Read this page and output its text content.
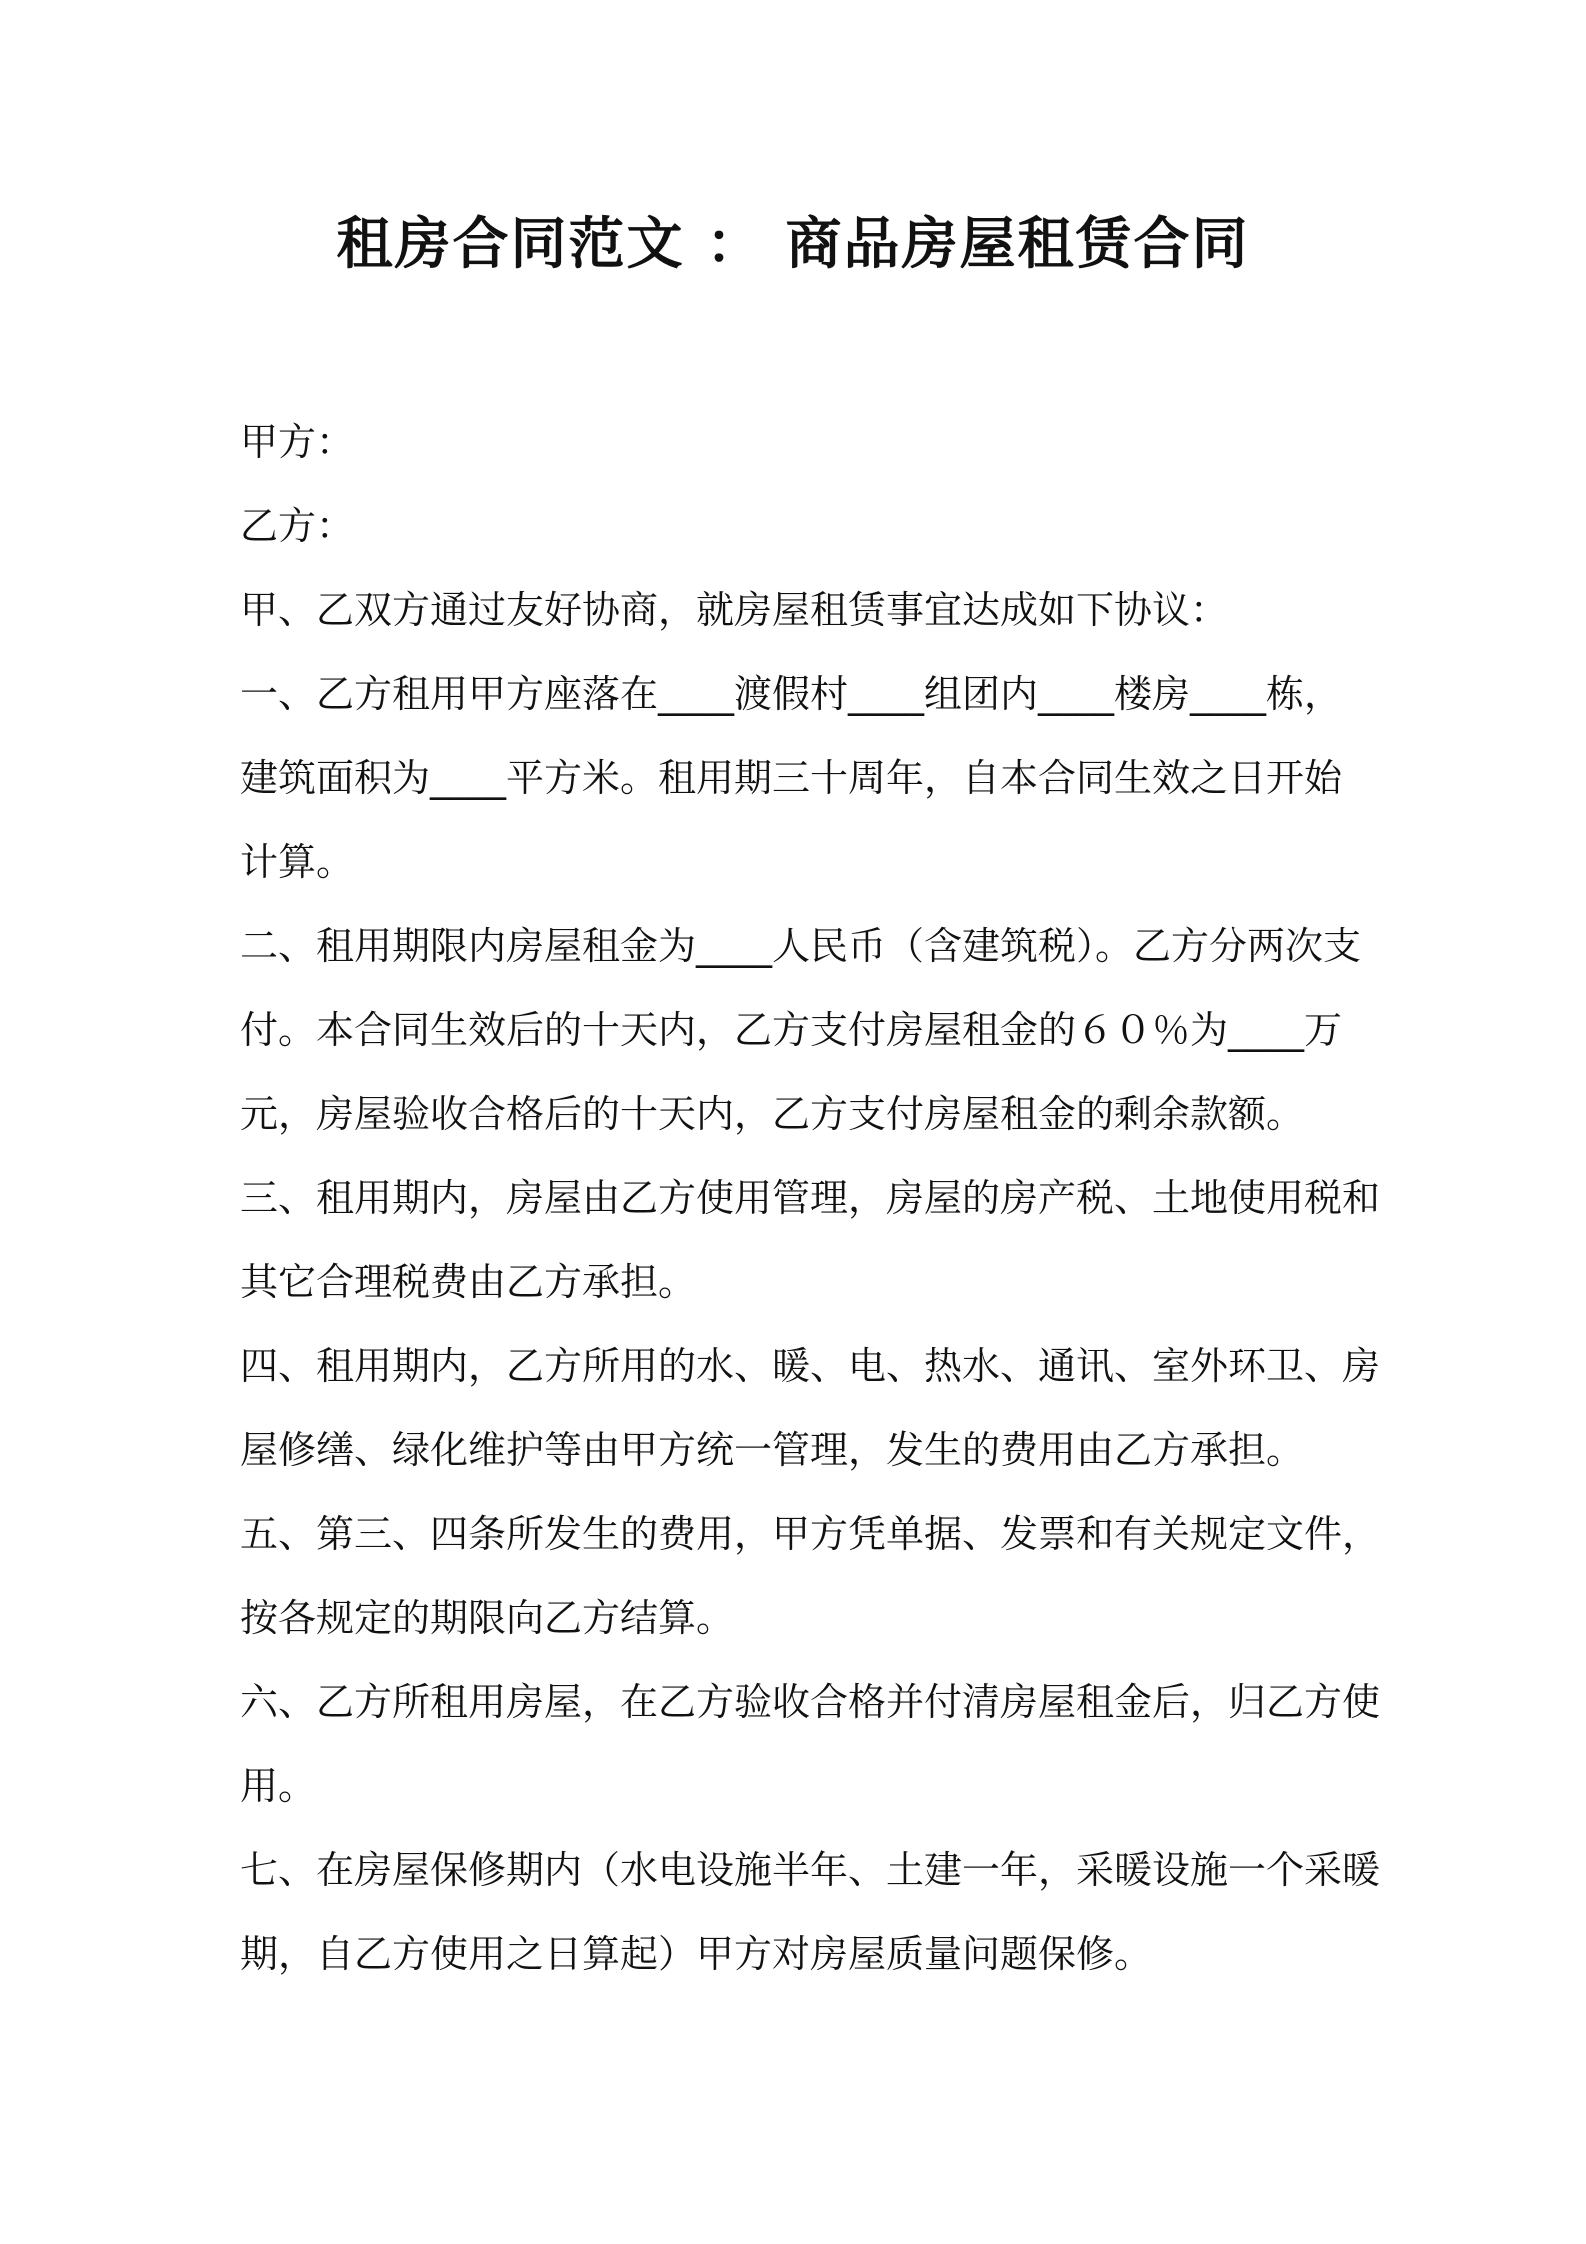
租房合同范文 ： 商品房屋租赁合同

甲方：

乙方：

甲、乙双方通过友好协商，就房屋租赁事宜达成如下协议：

一、乙方租用甲方座落在____渡假村____组团内____楼房____栋，

建筑面积为____平方米。租用期三十周年，自本合同生效之日开始

计算。

二、租用期限内房屋租金为____人民币（含建筑税）。乙方分两次支

付。本合同生效后的十天内，乙方支付房屋租金的６０％为____万

元，房屋验收合格后的十天内，乙方支付房屋租金的剩余款额。

三、租用期内，房屋由乙方使用管理，房屋的房产税、土地使用税和

其它合理税费由乙方承担。

四、租用期内，乙方所用的水、暖、电、热水、通讯、室外环卫、房

屋修缮、绿化维护等由甲方统一管理，发生的费用由乙方承担。

五、第三、四条所发生的费用，甲方凭单据、发票和有关规定文件，

按各规定的期限向乙方结算。

六、乙方所租用房屋，在乙方验收合格并付清房屋租金后，归乙方使

用。

七、在房屋保修期内（水电设施半年、土建一年，采暖设施一个采暖

期，自乙方使用之日算起）甲方对房屋质量问题保修。
